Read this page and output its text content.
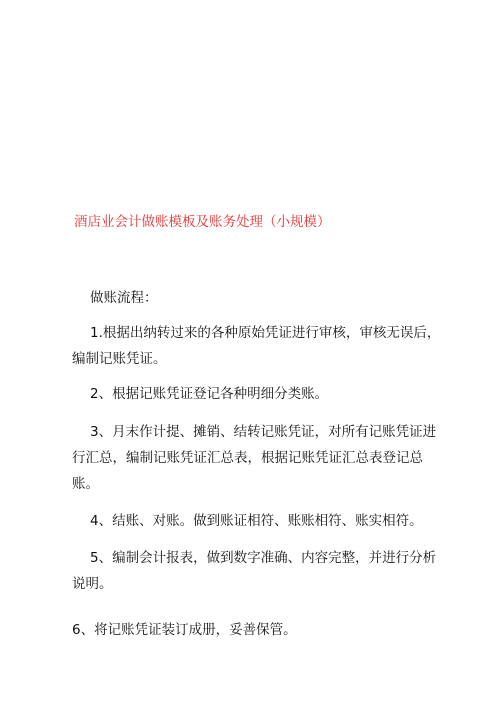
酒店业会计做账模板及账务处理（小规模）
做账流程：
1.根据出纳转过来的各种原始凭证进行审核，审核无误后，编制记账凭证。
2、根据记账凭证登记各种明细分类账。
3、月末作计提、摊销、结转记账凭证，对所有记账凭证进行汇总，编制记账凭证汇总表，根据记账凭证汇总表登记总账。
4、结账、对账。做到账证相符、账账相符、账实相符。
5、编制会计报表，做到数字准确、内容完整，并进行分析说明。
6、将记账凭证装订成册，妥善保管。
